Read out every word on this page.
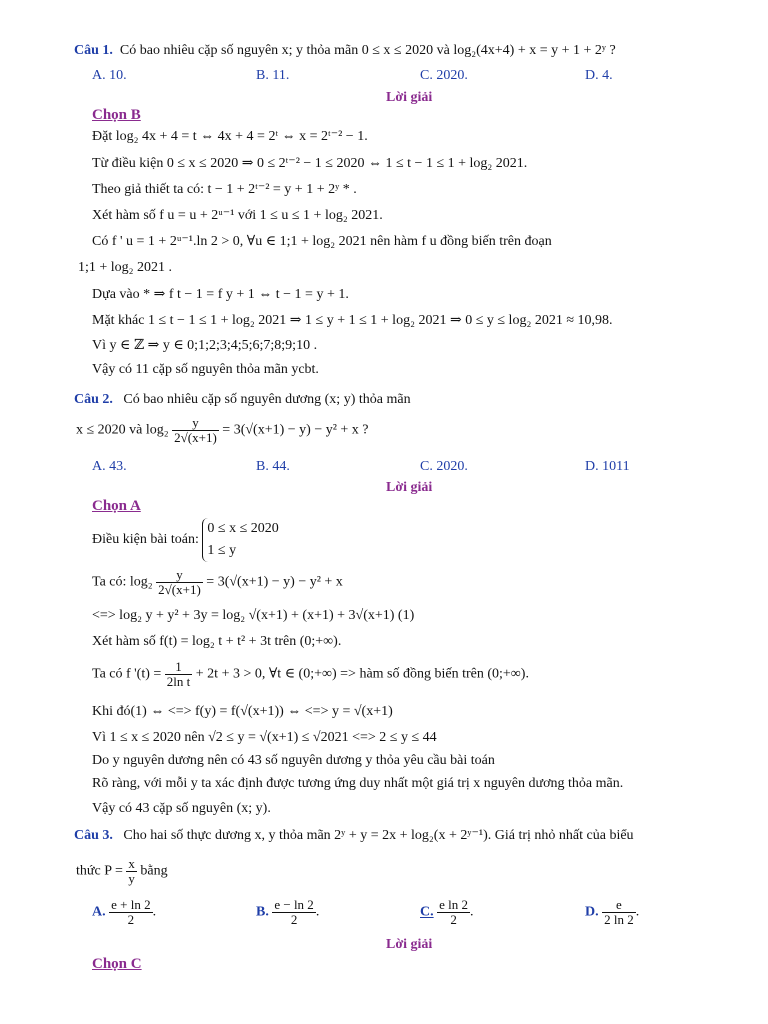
Câu 1. Có bao nhiêu cặp số nguyên x; y thỏa mãn 0 ≤ x ≤ 2020 và log₂(4x+4) + x = y + 1 + 2ʸ ?
A. 10.	B. 11.	C. 2020.	D. 4.
Lời giải
Chọn B
Đặt log₂ 4x + 4 = t ⇔ 4x + 4 = 2ᵗ ⇔ x = 2ᵗ⁻² − 1.
Từ điều kiện 0 ≤ x ≤ 2020 ⇒ 0 ≤ 2ᵗ⁻² − 1 ≤ 2020 ⇔ 1 ≤ t − 1 ≤ 1 + log₂ 2021.
Theo giả thiết ta có: t − 1 + 2ᵗ⁻² = y + 1 + 2ʸ * .
Xét hàm số f u = u + 2ᵘ⁻¹ với 1 ≤ u ≤ 1 + log₂ 2021.
Có f ' u = 1 + 2ᵘ⁻¹.ln 2 > 0, ∀u ∈ 1;1 + log₂ 2021 nên hàm f u đồng biến trên đoạn
1;1 + log₂ 2021 .
Dựa vào * ⇒ f t − 1 = f y + 1 ⇔ t − 1 = y + 1.
Mặt khác 1 ≤ t − 1 ≤ 1 + log₂ 2021 ⇒ 1 ≤ y + 1 ≤ 1 + log₂ 2021 ⇒ 0 ≤ y ≤ log₂ 2021 ≈ 10,98.
Vì y ∈ ℤ ⇒ y ∈ 0;1;2;3;4;5;6;7;8;9;10 .
Vậy có 11 cặp số nguyên thỏa mãn ycbt.
Câu 2. Có bao nhiêu cặp số nguyên dương (x; y) thỏa mãn
x ≤ 2020 và $\log_2 \frac{y}{2√(x+1)} = 3(√(x+1) - y) - y^2 + x$ ?
A. 43.	B. 44.	C. 2020.	D. 1011
Lời giải
Chọn A
Điều kiện bài toán:
0 ≤ x ≤ 2020
1 ≤ y
Ta có: $\log_2 \frac{y}{2√(x+1)} = 3(√(x+1) - y) - y^2 + x$
<=> log₂ y + y² + 3y = log₂ √(x+1) + (x+1) + 3√(x+1) (1)
Xét hàm số f(t) = log₂ t + t² + 3t trên (0;+∞).
Ta có f '$(t) = \frac{1}{\text{2ln t}} + 2t + 3 > 0$, ∀t ∈ (0;+∞) => hàm số đồng biến trên (0;+∞).
Khi đó(1) ⇔ <=> f(y) = f(√(x+1)) ⇔ <=> y = √(x+1)
Vì 1 ≤ x ≤ 2020 nên √2 ≤ y = √(x+1) ≤ √2021 <=> 2 ≤ y ≤ 44
Do y nguyên dương nên có 43 số nguyên dương y thỏa yêu cầu bài toán
Rõ ràng, với mỗi y ta xác định được tương ứng duy nhất một giá trị x nguyên dương thỏa mãn.
Vậy có 43 cặp số nguyên (x; y).
Câu 3. Cho hai số thực dương x, y thỏa mãn 2ʸ + y = 2x + log₂(x + 2ʸ⁻¹). Giá trị nhỏ nhất của biểu
thức $P = \frac{x}{y}$ bằng
A. $\frac{e + \ln 2}{2}$ .	B. $\frac{e - \ln 2}{2}$ .	C. $\frac{\text{e ln 2}}{2}$ .	D. $\frac{e}{2 \ln 2}$ .
Lời giải
Chọn C
